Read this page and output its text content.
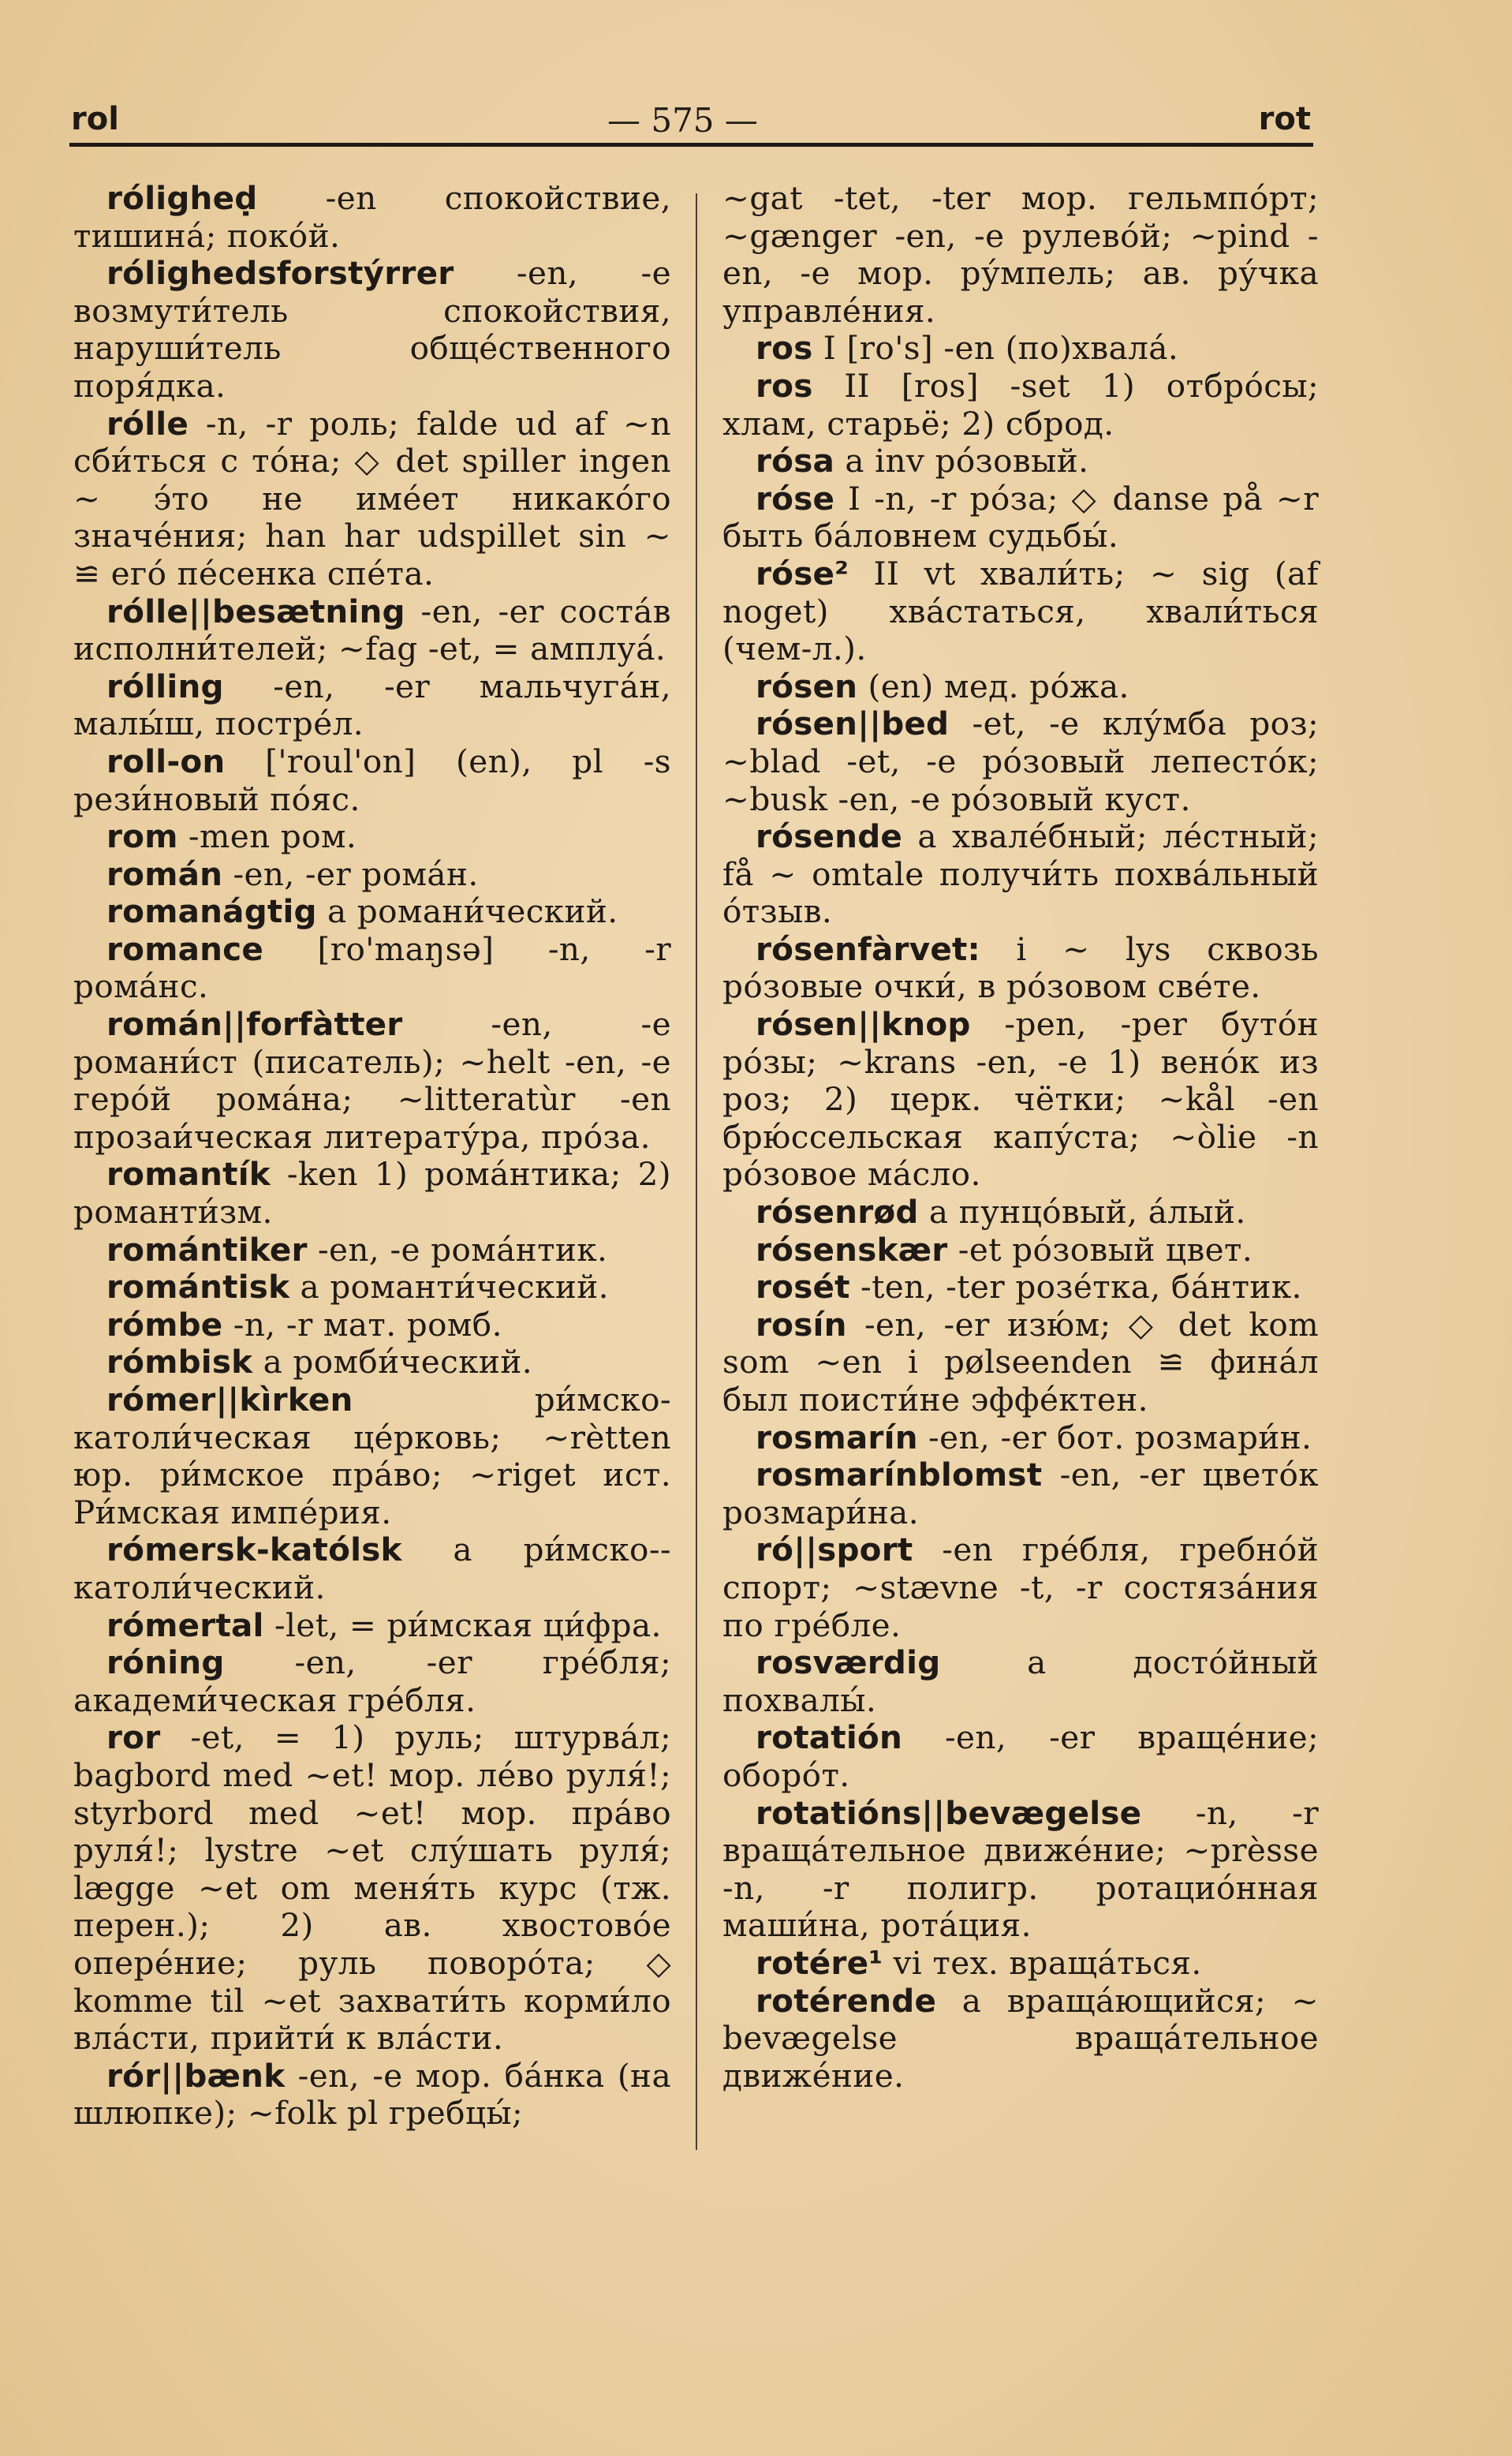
rol	— 575 —	rot

róligheḍ -en спокойствие, тишина́; поко́й.

rólighedsforstýrrer -en, -e возмути́тель спокойствия, наруши́тель обще́ственного поря́дка.

rólle -n, -r роль; falde ud af ~n сби́ться с то́на; ◇ det spiller ingen ~ э́то не име́ет никако́го значе́ния; han har udspillet sin ~ ≌ его́ пе́сенка спе́та.

rólle||besætning -en, -er соста́в исполни́телей; ~fag -et, = амплуа́.

rólling -en, -er мальчуга́н, малы́ш, постре́л.

roll-on ['roul'on] (en), pl -s рези́новый по́яс.

rom -men ром.

román -en, -er рома́н.

romanágtig a романи́ческий.

romance [ro'maŋsə] -n, -r рома́нс.

román||forfàtter -en, -e романи́ст (писатель); ~helt -en, -e геро́й рома́на; ~litteratùr -en прозаи́ческая литерату́ра, про́за.

romantík -ken 1) рома́нтика; 2) романти́зм.

romántiker -en, -e рома́нтик.

romántisk a романти́ческий.

rómbe -n, -r мат. ромб.

rómbisk a ромби́ческий.

rómer||kìrken ри́мско-католи́ческая це́рковь; ~rètten юр. ри́мское пра́во; ~riget ист. Ри́мская импе́рия.

rómersk-katólsk a ри́мско--католи́ческий.

rómertal -let, = ри́мская ци́фра.

róning -en, -er гре́бля; академи́ческая гре́бля.

ror -et, = 1) руль; штурва́л; bagbord med ~et! мор. ле́во руля́!; styrbord med ~et! мор. пра́во руля́!; lystre ~et слу́шать руля́; lægge ~et om меня́ть курс (тж. перен.); 2) ав. хвостово́е опере́ние; руль поворо́та; ◇ komme til ~et захвати́ть корми́ло вла́сти, прийти́ к вла́сти.

rór||bænk -en, -e мор. ба́нка (на шлюпке); ~folk pl гребцы́;

~gat -tet, -ter мор. гельмпо́рт; ~gænger -en, -e рулево́й; ~pind -en, -e мор. ру́мпель; ав. ру́чка управле́ния.

ros I [ro's] -en (по)хвала́.

ros II [ros] -set 1) отбро́сы; хлам, старьё; 2) сброд.

rósa a inv ро́зовый.

róse I -n, -r ро́за; ◇ danse på ~r быть ба́ловнем судьбы́.

róse² II vt хвали́ть; ~ sig (af noget) хва́статься, хвали́ться (чем-л.).

rósen (en) мед. ро́жа.

rósen||bed -et, -e клу́мба роз; ~blad -et, -e ро́зовый лепесто́к; ~busk -en, -e ро́зовый куст.

rósende a хвале́бный; ле́стный; få ~ omtale получи́ть похва́льный о́тзыв.

rósenfàrvet: i ~ lys сквозь ро́зовые очки́, в ро́зовом све́те.

rósen||knop -pen, -per буто́н ро́зы; ~krans -en, -e 1) вено́к из роз; 2) церк. чётки; ~kål -en брю́ссельская капу́ста; ~òlie -n ро́зовое ма́сло.

rósenrød a пунцо́вый, а́лый.

rósenskær -et ро́зовый цвет.

rosét -ten, -ter розе́тка, ба́нтик.

rosín -en, -er изю́м; ◇ det kom som ~en i pølseenden ≌ фина́л был поисти́не эффе́ктен.

rosmarín -en, -er бот. розмари́н.

rosmarínblomst -en, -er цвето́к розмари́на.

ró||sport -en гре́бля, гребно́й спорт; ~stævne -t, -r состяза́ния по гре́бле.

rosværdig a досто́йный похвалы́.

rotatión -en, -er враще́ние; оборо́т.

rotatións||bevægelse -n, -r враща́тельное движе́ние; ~prèsse -n, -r полигр. ротацио́нная маши́на, рота́ция.

rotére¹ vi тех. враща́ться.

rotérende a враща́ющийся; ~ bevægelse враща́тельное движе́ние.
